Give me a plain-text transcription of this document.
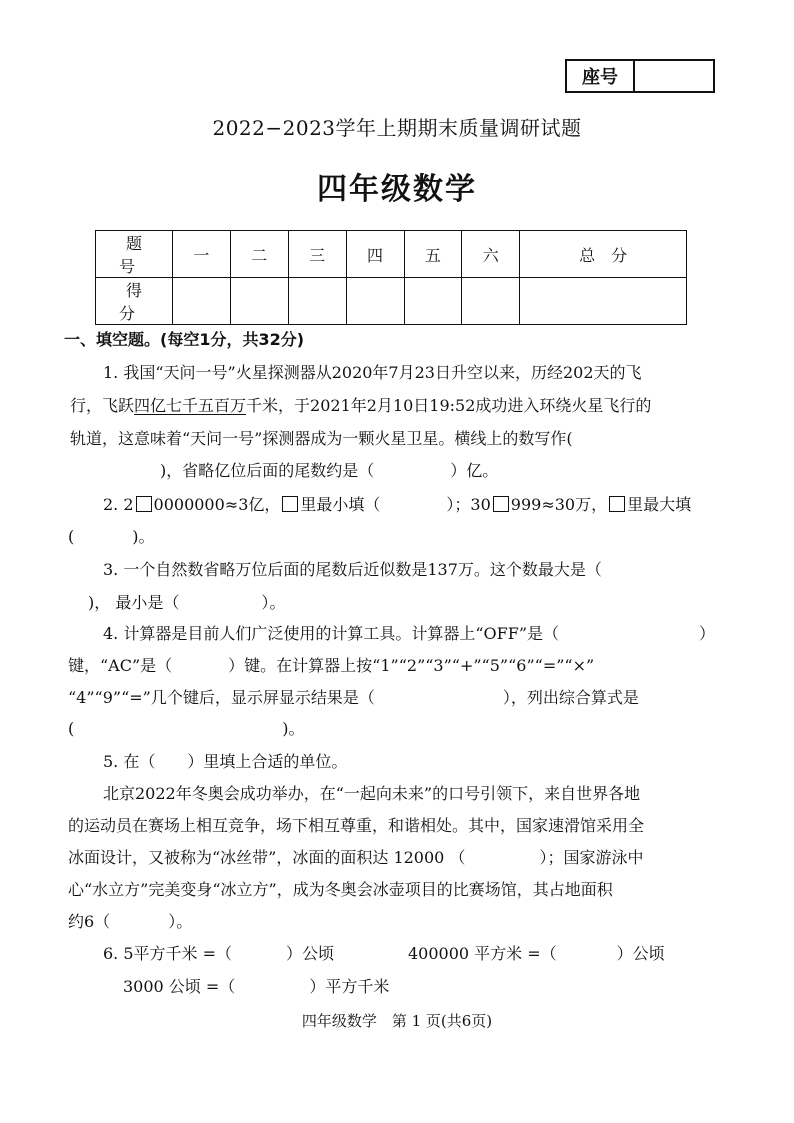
座号
2022−2023学年上期期末质量调研试题
四年级数学
题　号	一	二	三	四	五	六	总　分
得　分							
一、填空题。(每空1分，共32分)
1. 我国“天问一号”火星探测器从2020年7月23日升空以来，历经202天的飞
行，飞跃四亿七千五百万千米，于2021年2月10日19:52成功进入环绕火星飞行的
轨道，这意味着“天问一号”探测器成为一颗火星卫星。横线上的数写作(
)，省略亿位后面的尾数约是（	）亿。
2. 2 0000000≈3亿， 里最小填（	）；30 999≈30万， 里最大填
(	)。
3. 一个自然数省略万位后面的尾数后近似数是137万。这个数最大是（
)， 最小是（	）。
4. 计算器是目前人们广泛使用的计算工具。计算器上“OFF”是（	）
键，“AC”是（	）键。在计算器上按“1”“2”“3”“+”“5”“6”“=”“×”
“4”“9”“=”几个键后，显示屏显示结果是（	），列出综合算式是
(	)。
5. 在（　　）里填上合适的单位。
北京2022年冬奥会成功举办，在“一起向未来”的口号引领下，来自世界各地
的运动员在赛场上相互竞争，场下相互尊重，和谐相处。其中，国家速滑馆采用全
冰面设计，又被称为“冰丝带”，冰面的面积达 12000 （	）；国家游泳中
心“水立方”完美变身“冰立方”，成为冬奥会冰壶项目的比赛场馆，其占地面积
约6（	）。
6. 5平方千米 =（	）公顷	400000 平方米 =（	）公顷
3000 公顷 =（	）平方千米
四年级数学　第 1 页(共6页)
